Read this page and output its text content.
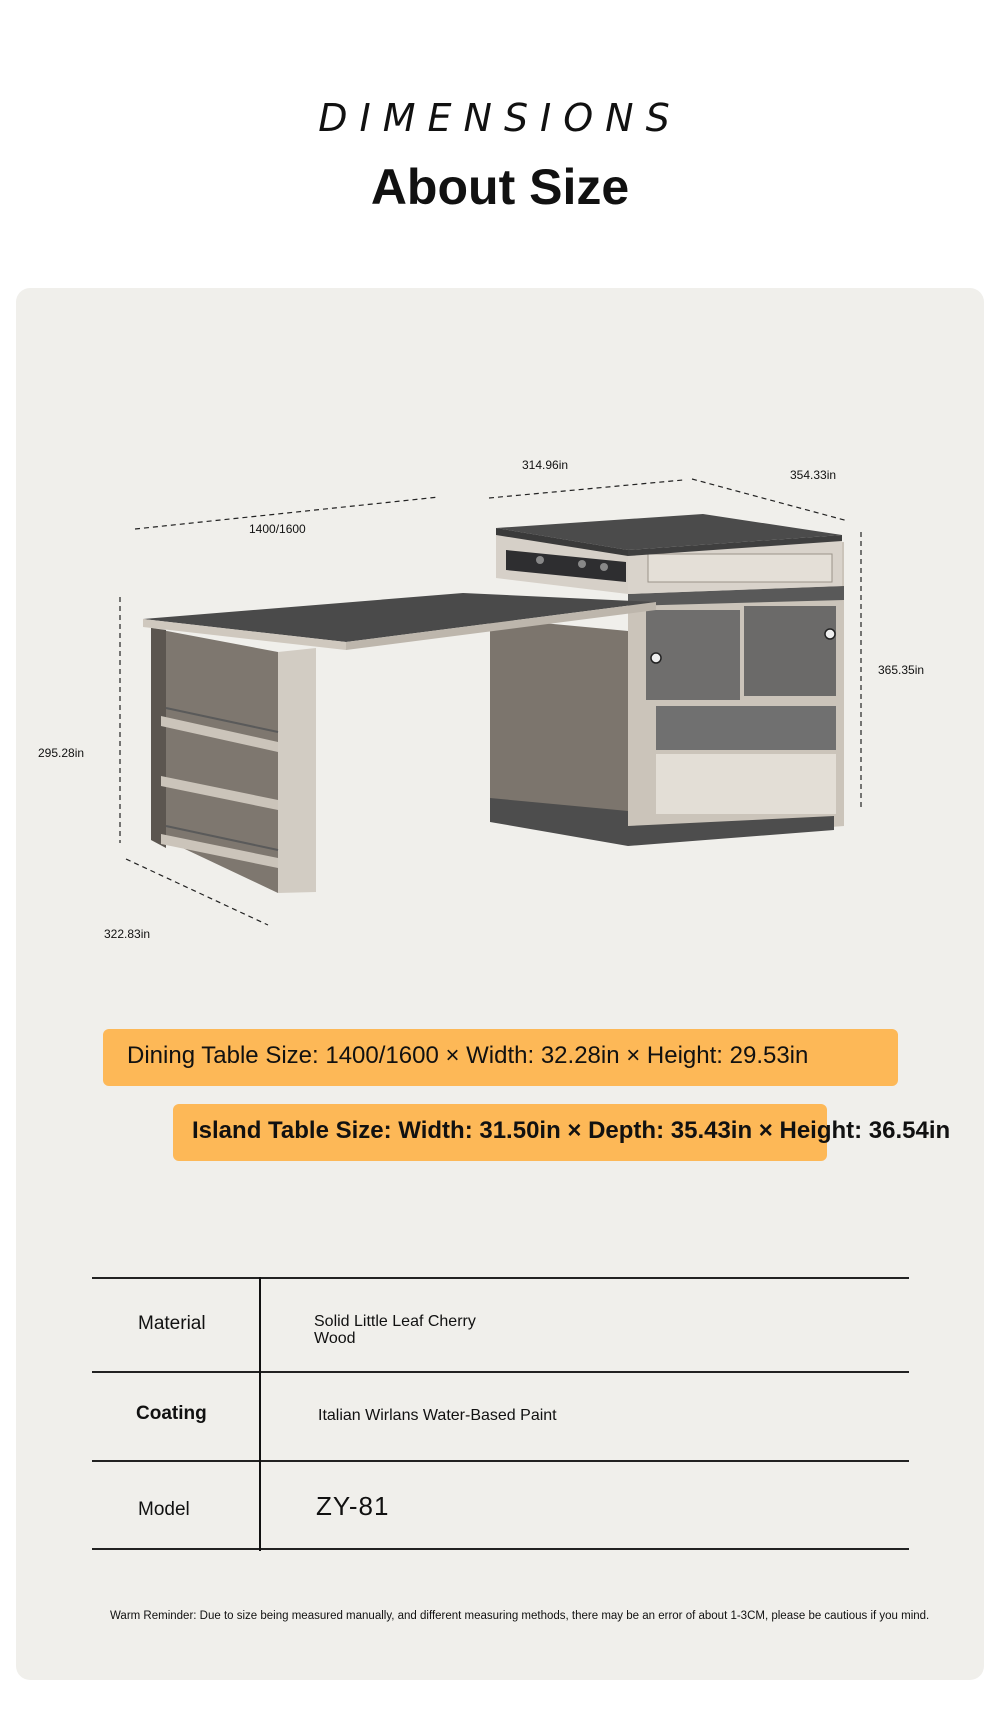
DIMENSIONS
About Size
314.96in
354.33in
1400/1600
365.35in
295.28in
322.83in
Dining Table Size: 1400/1600 × Width: 32.28in × Height: 29.53in
Island Table Size: Width: 31.50in × Depth: 35.43in × Height: 36.54in
Material	Solid Little Leaf Cherry Wood
Coating	Italian Wirlans Water-Based Paint
Model	ZY-81
Warm Reminder: Due to size being measured manually, and different measuring methods, there may be an error of about 1-3CM, please be cautious if you mind.
